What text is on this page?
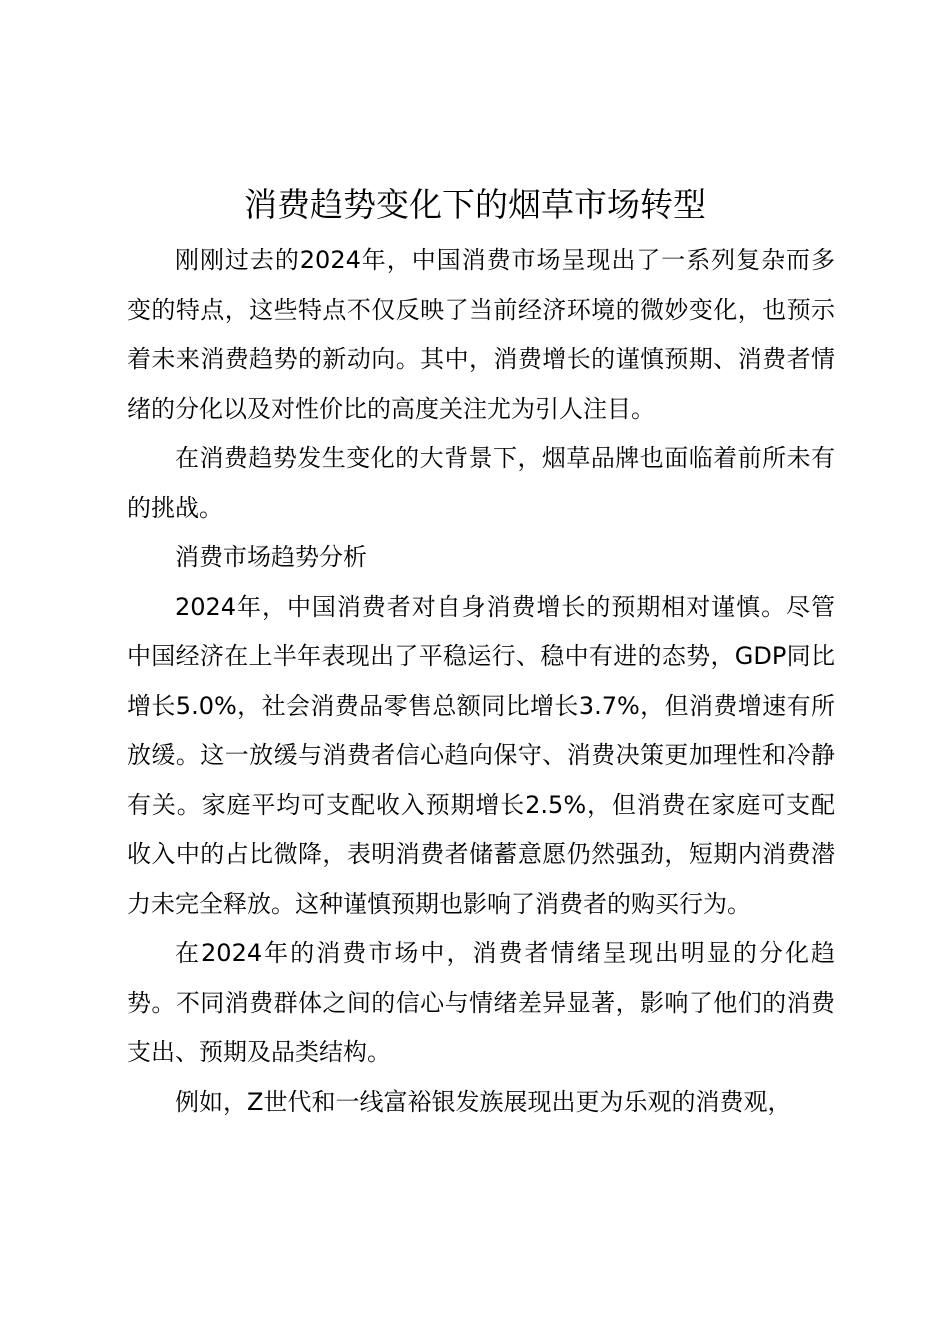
消费趋势变化下的烟草市场转型

刚刚过去的2024年，中国消费市场呈现出了一系列复杂而多变的特点，这些特点不仅反映了当前经济环境的微妙变化，也预示着未来消费趋势的新动向。其中，消费增长的谨慎预期、消费者情绪的分化以及对性价比的高度关注尤为引人注目。

在消费趋势发生变化的大背景下，烟草品牌也面临着前所未有的挑战。

消费市场趋势分析

2024年，中国消费者对自身消费增长的预期相对谨慎。尽管中国经济在上半年表现出了平稳运行、稳中有进的态势，GDP同比增长5.0%，社会消费品零售总额同比增长3.7%，但消费增速有所放缓。这一放缓与消费者信心趋向保守、消费决策更加理性和冷静有关。家庭平均可支配收入预期增长2.5%，但消费在家庭可支配收入中的占比微降，表明消费者储蓄意愿仍然强劲，短期内消费潜力未完全释放。这种谨慎预期也影响了消费者的购买行为。

在2024年的消费市场中，消费者情绪呈现出明显的分化趋势。不同消费群体之间的信心与情绪差异显著，影响了他们的消费支出、预期及品类结构。

例如，Z世代和一线富裕银发族展现出更为乐观的消费观，
